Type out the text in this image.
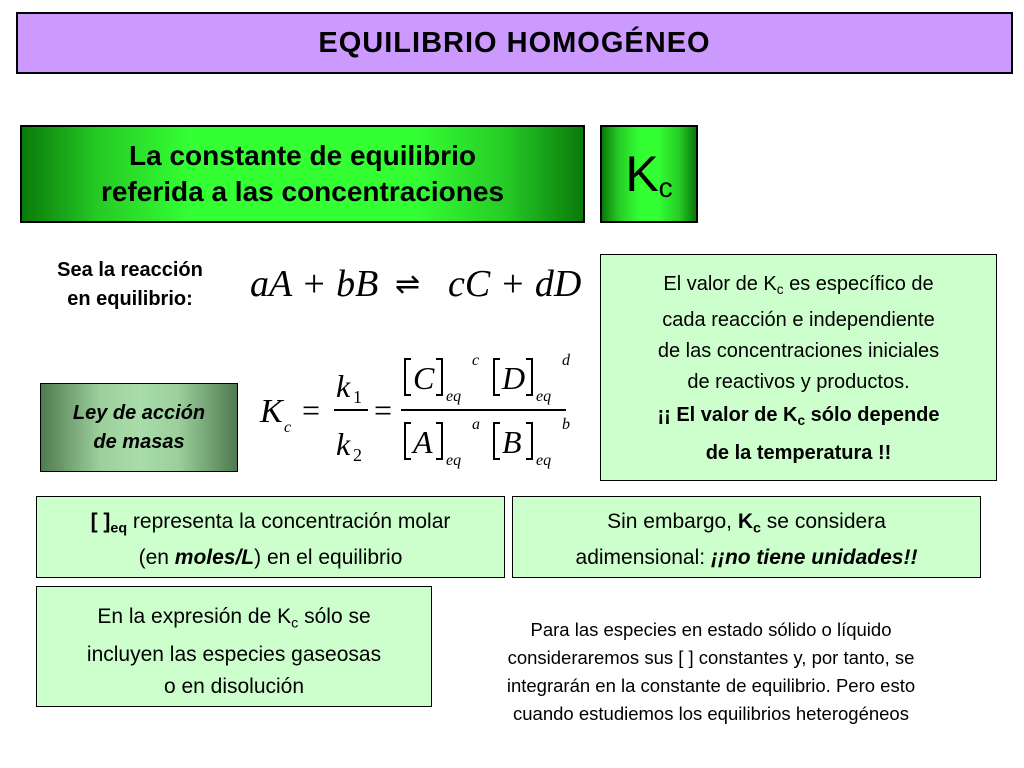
EQUILIBRIO HOMOGÉNEO
La constante de equilibrio
referida a las concentraciones $K_c$
Sea la reacción
en equilibrio:	aA + bB ⇌ cC + dD
Ley de acción
de masas
K c =
k 1
k 2
=
C
eq
c D
eq
d
A
eq
a B
eq
b
El valor de $K_c$ es específico de
cada reacción e independiente
de las concentraciones iniciales
de reactivos y productos.
¡¡ El valor de $K_c$ sólo depende
de la temperatura !!
[ ]$_{eq}$ representa la concentración molar
(en moles/L) en el equilibrio
Sin embargo, $K_c$ se considera
adimensional: ¡¡no tiene unidades!!
En la expresión de $K_c$ sólo se
incluyen las especies gaseosas
o en disolución
Para las especies en estado sólido o líquido
consideraremos sus [ ] constantes y, por tanto, se
integrarán en la constante de equilibrio. Pero esto
cuando estudiemos los equilibrios heterogéneos
